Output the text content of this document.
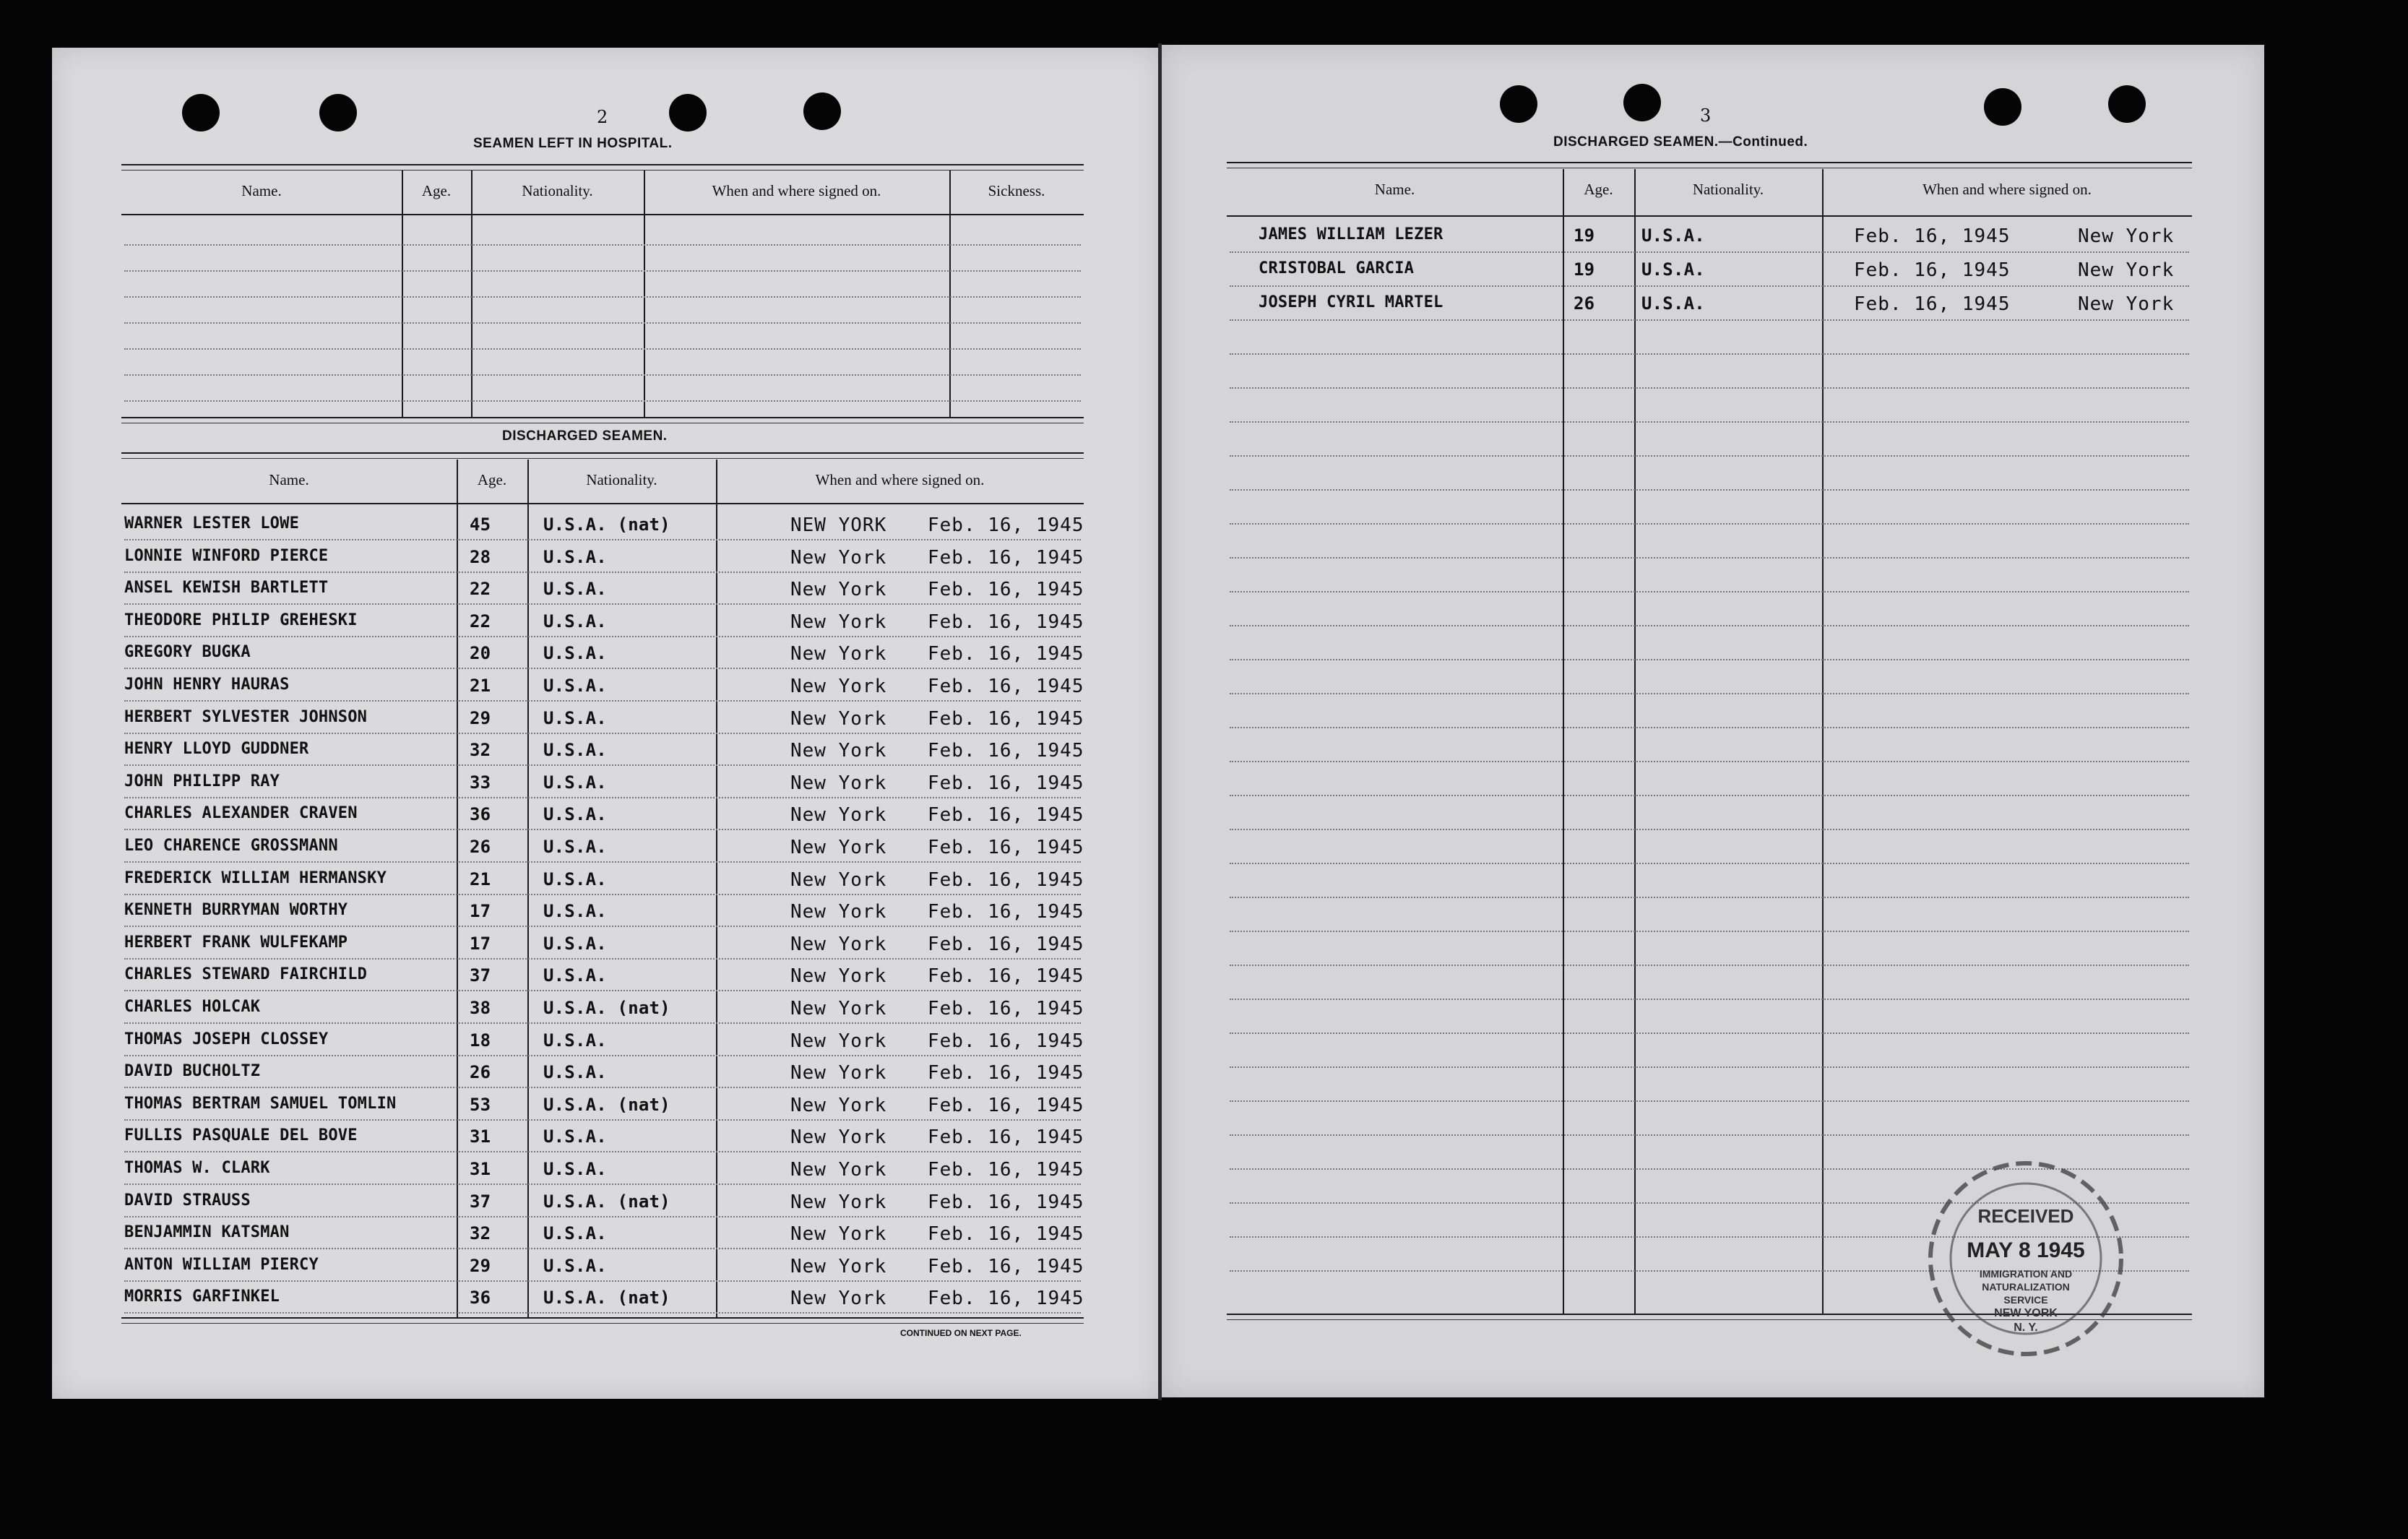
2
SEAMEN LEFT IN HOSPITAL.
Name.	Age.	Nationality.	When and where signed on.	Sickness.
DISCHARGED SEAMEN.
Name.	Age.	Nationality.	When and where signed on.
WARNER LESTER LOWE	45	U.S.A. (nat)	NEW YORK Feb. 16, 1945
LONNIE WINFORD PIERCE	28	U.S.A.	New York Feb. 16, 1945
ANSEL KEWISH BARTLETT	22	U.S.A.	New York Feb. 16, 1945
THEODORE PHILIP GREHESKI	22	U.S.A.	New York Feb. 16, 1945
GREGORY BUGKA	20	U.S.A.	New York Feb. 16, 1945
JOHN HENRY HAURAS	21	U.S.A.	New York Feb. 16, 1945
HERBERT SYLVESTER JOHNSON	29	U.S.A.	New York Feb. 16, 1945
HENRY LLOYD GUDDNER	32	U.S.A.	New York Feb. 16, 1945
JOHN PHILIPP RAY	33	U.S.A.	New York Feb. 16, 1945
CHARLES ALEXANDER CRAVEN	36	U.S.A.	New York Feb. 16, 1945
LEO CHARENCE GROSSMANN	26	U.S.A.	New York Feb. 16, 1945
FREDERICK WILLIAM HERMANSKY	21	U.S.A.	New York Feb. 16, 1945
KENNETH BURRYMAN WORTHY	17	U.S.A.	New York Feb. 16, 1945
HERBERT FRANK WULFEKAMP	17	U.S.A.	New York Feb. 16, 1945
CHARLES STEWARD FAIRCHILD	37	U.S.A.	New York Feb. 16, 1945
CHARLES HOLCAK	38	U.S.A. (nat)	New York Feb. 16, 1945
THOMAS JOSEPH CLOSSEY	18	U.S.A.	New York Feb. 16, 1945
DAVID BUCHOLTZ	26	U.S.A.	New York Feb. 16, 1945
THOMAS BERTRAM SAMUEL TOMLIN	53	U.S.A. (nat)	New York Feb. 16, 1945
FULLIS PASQUALE DEL BOVE	31	U.S.A.	New York Feb. 16, 1945
THOMAS W. CLARK	31	U.S.A.	New York Feb. 16, 1945
DAVID STRAUSS	37	U.S.A. (nat)	New York Feb. 16, 1945
BENJAMMIN KATSMAN	32	U.S.A.	New York Feb. 16, 1945
ANTON WILLIAM PIERCY	29	U.S.A.	New York Feb. 16, 1945
MORRIS GARFINKEL	36	U.S.A. (nat)	New York Feb. 16, 1945
CONTINUED ON NEXT PAGE.
3
DISCHARGED SEAMEN.—Continued.
Name.	Age.	Nationality.	When and where signed on.
JAMES WILLIAM LEZER	19	U.S.A.	Feb. 16, 1945	New York
CRISTOBAL GARCIA	19	U.S.A.	Feb. 16, 1945	New York
JOSEPH CYRIL MARTEL	26	U.S.A.	Feb. 16, 1945	New York
RECEIVED
MAY 8 1945
IMMIGRATION AND
NATURALIZATION
SERVICE
NEW YORK
N. Y.
